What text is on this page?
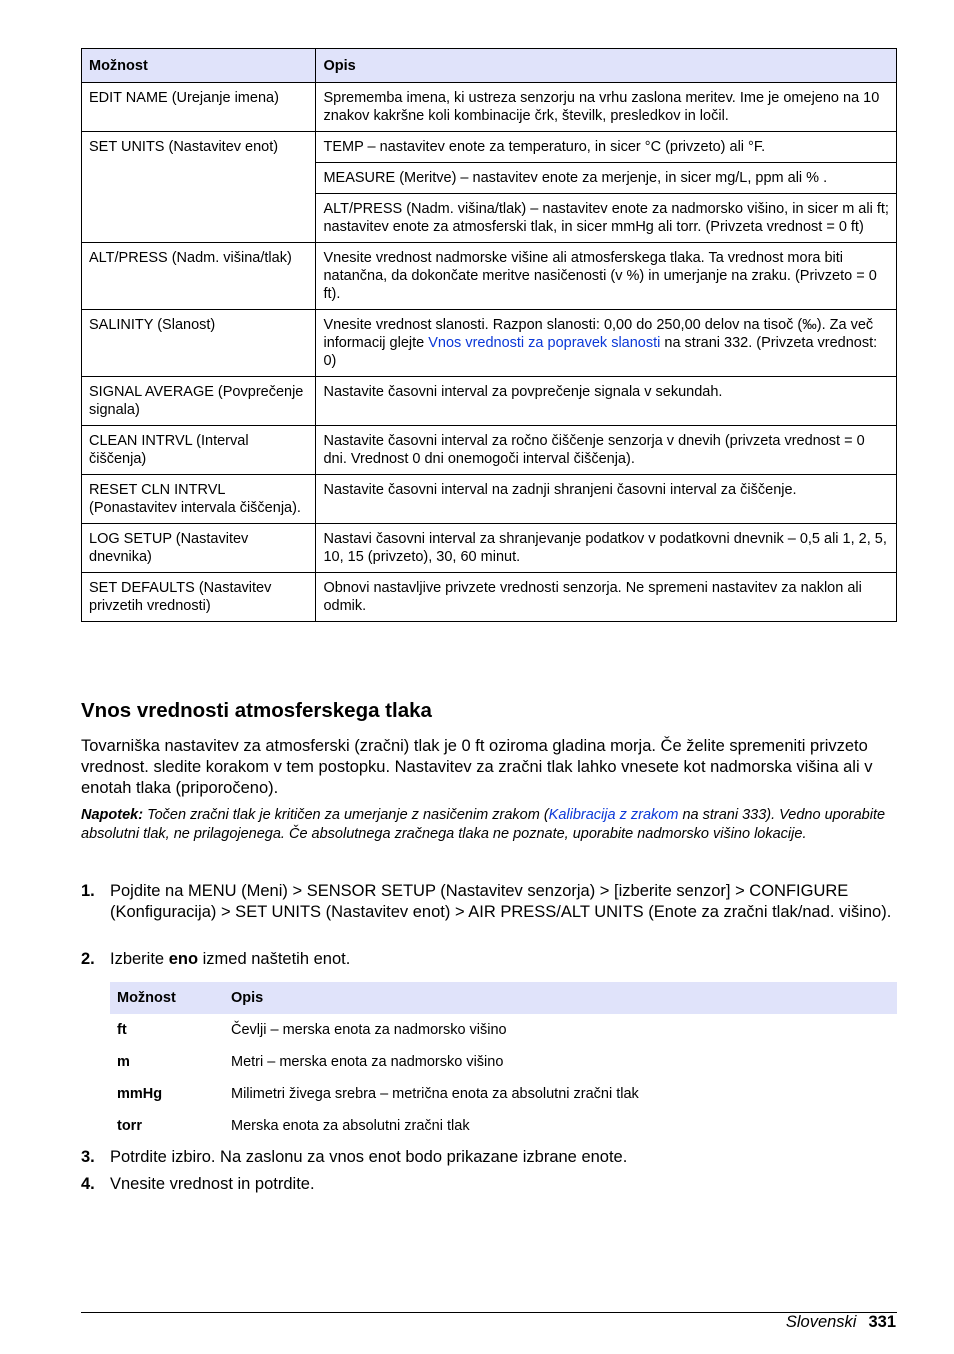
Možnost	Opis
EDIT NAME (Urejanje imena)	Sprememba imena, ki ustreza senzorju na vrhu zaslona meritev. Ime je omejeno na 10 znakov kakršne koli kombinacije črk, številk, presledkov in ločil.
SET UNITS (Nastavitev enot)	TEMP – nastavitev enote za temperaturo, in sicer °C (privzeto) ali °F.
	MEASURE (Meritve) – nastavitev enote za merjenje, in sicer mg/L, ppm ali % .
	ALT/PRESS (Nadm. višina/tlak) – nastavitev enote za nadmorsko višino, in sicer m ali ft; nastavitev enote za atmosferski tlak, in sicer mmHg ali torr. (Privzeta vrednost = 0 ft)
ALT/PRESS (Nadm. višina/tlak)	Vnesite vrednost nadmorske višine ali atmosferskega tlaka. Ta vrednost mora biti natančna, da dokončate meritve nasičenosti (v %) in umerjanje na zraku. (Privzeto = 0 ft).
SALINITY (Slanost)	Vnesite vrednost slanosti. Razpon slanosti: 0,00 do 250,00 delov na tisoč (‰). Za več informacij glejte Vnos vrednosti za popravek slanosti na strani 332. (Privzeta vrednost: 0)
SIGNAL AVERAGE (Povprečenje signala)	Nastavite časovni interval za povprečenje signala v sekundah.
CLEAN INTRVL (Interval čiščenja)	Nastavite časovni interval za ročno čiščenje senzorja v dnevih (privzeta vrednost = 0 dni. Vrednost 0 dni onemogoči interval čiščenja).
RESET CLN INTRVL (Ponastavitev intervala čiščenja).	Nastavite časovni interval na zadnji shranjeni časovni interval za čiščenje.
LOG SETUP (Nastavitev dnevnika)	Nastavi časovni interval za shranjevanje podatkov v podatkovni dnevnik – 0,5 ali 1, 2, 5, 10, 15 (privzeto), 30, 60 minut.
SET DEFAULTS (Nastavitev privzetih vrednosti)	Obnovi nastavljive privzete vrednosti senzorja. Ne spremeni nastavitev za naklon ali odmik.
Vnos vrednosti atmosferskega tlaka

Tovarniška nastavitev za atmosferski (zračni) tlak je 0 ft oziroma gladina morja. Če želite spremeniti privzeto vrednost. sledite korakom v tem postopku. Nastavitev za zračni tlak lahko vnesete kot nadmorska višina ali v enotah tlaka (priporočeno).

Napotek: Točen zračni tlak je kritičen za umerjanje z nasičenim zrakom (Kalibracija z zrakom na strani 333). Vedno uporabite absolutni tlak, ne prilagojenega. Če absolutnega zračnega tlaka ne poznate, uporabite nadmorsko višino lokacije.

1. Pojdite na MENU (Meni) > SENSOR SETUP (Nastavitev senzorja) > [izberite senzor] > CONFIGURE (Konfiguracija) > SET UNITS (Nastavitev enot) > AIR PRESS/ALT UNITS (Enote za zračni tlak/nad. višino).
2. Izberite eno izmed naštetih enot.
Možnost	Opis
ft	Čevlji – merska enota za nadmorsko višino
m	Metri – merska enota za nadmorsko višino
mmHg	Milimetri živega srebra – metrična enota za absolutni zračni tlak
torr	Merska enota za absolutni zračni tlak
3. Potrdite izbiro. Na zaslonu za vnos enot bodo prikazane izbrane enote.
4. Vnesite vrednost in potrdite.
Slovenski 331
